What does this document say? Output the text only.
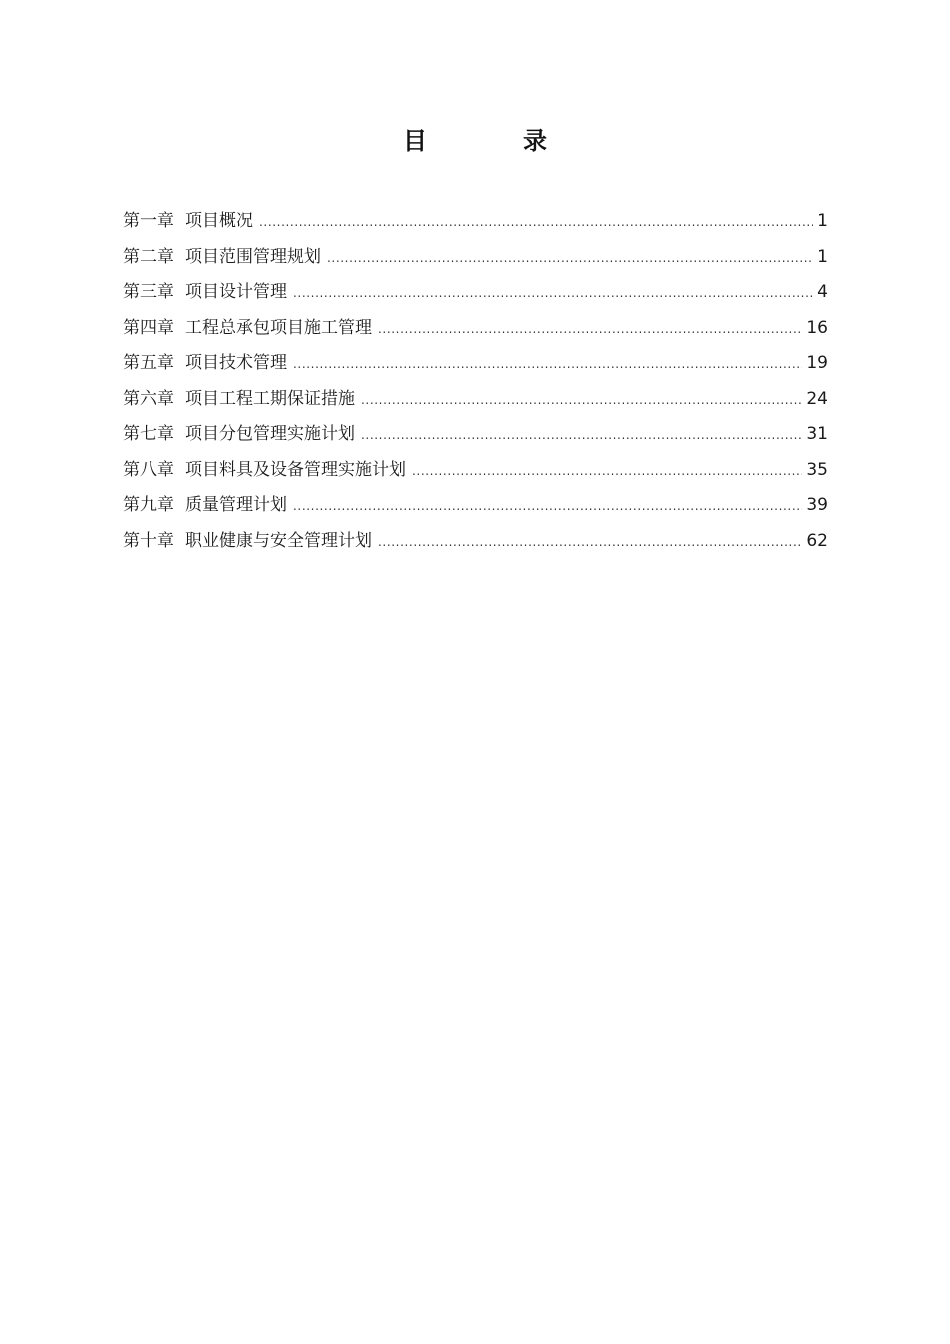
目　录
第一章 项目概况 .....	1
第二章 项目范围管理规划 .....	1
第三章 项目设计管理 .....	4
第四章 工程总承包项目施工管理 .....	16
第五章 项目技术管理 .....	19
第六章 项目工程工期保证措施 .....	24
第七章 项目分包管理实施计划 .....	31
第八章 项目料具及设备管理实施计划 .....	35
第九章 质量管理计划 .....	39
第十章 职业健康与安全管理计划 .....	62
